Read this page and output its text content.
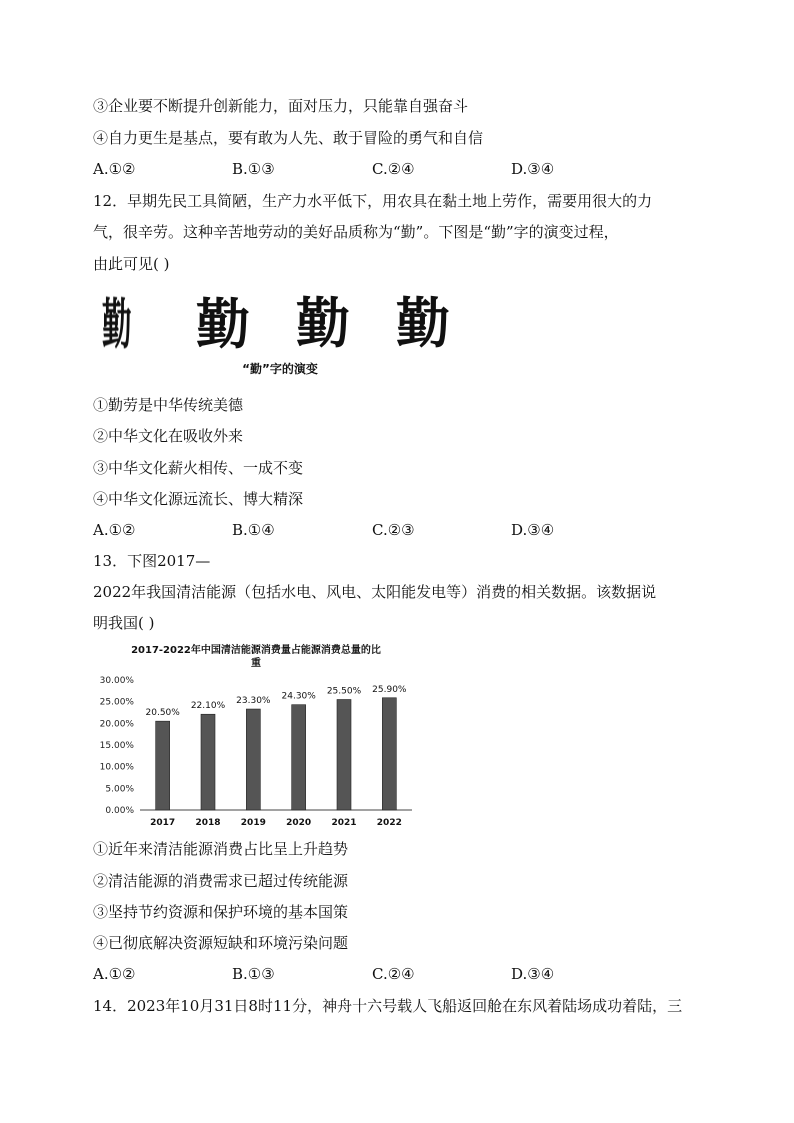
③企业要不断提升创新能力，面对压力，只能靠自强奋斗
④自力更生是基点，要有敢为人先、敢于冒险的勇气和自信
A.①②	B.①③	C.②④	D.③④
12．早期先民工具简陋，生产力水平低下，用农具在黏土地上劳作，需要用很大的力
气，很辛劳。这种辛苦地劳动的美好品质称为“勤”。下图是“勤”字的演变过程，
由此可见( )
勤 勤 勤 勤
“勤”字的演变
①勤劳是中华传统美德
②中华文化在吸收外来
③中华文化薪火相传、一成不变
④中华文化源远流长、博大精深
A.①②	B.①④	C.②③	D.③④
13．下图2017—
2022年我国清洁能源（包括水电、风电、太阳能发电等）消费的相关数据。该数据说
明我国( )
2017-2022年中国清洁能源消费量占能源消费总量的比
重
0.00%
5.00%
10.00%
15.00%
20.00%
25.00%
30.00%
20.50%
22.10%
23.30% 24.30%
25.50% 25.90%
2017 2018 2019 2020 2021 2022
①近年来清洁能源消费占比呈上升趋势
②清洁能源的消费需求已超过传统能源
③坚持节约资源和保护环境的基本国策
④已彻底解决资源短缺和环境污染问题
A.①②	B.①③	C.②④	D.③④
14．2023年10月31日8时11分，神舟十六号载人飞船返回舱在东风着陆场成功着陆，三
